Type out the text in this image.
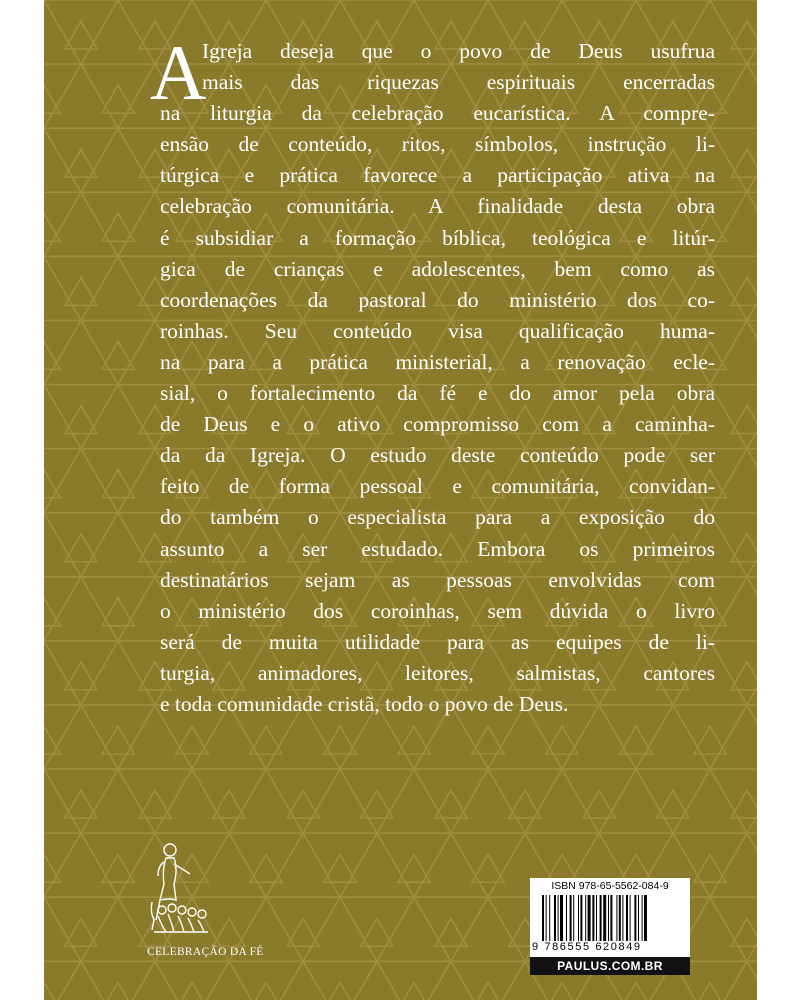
A
Igreja deseja que o povo de Deus usufrua
mais das riquezas espirituais encerradas
na liturgia da celebração eucarística. A compre-
ensão de conteúdo, ritos, símbolos, instrução li-
túrgica e prática favorece a participação ativa na
celebração comunitária. A finalidade desta obra
é subsidiar a formação bíblica, teológica e litúr-
gica de crianças e adolescentes, bem como as
coordenações da pastoral do ministério dos co-
roinhas. Seu conteúdo visa qualificação huma-
na para a prática ministerial, a renovação ecle-
sial, o fortalecimento da fé e do amor pela obra
de Deus e o ativo compromisso com a caminha-
da da Igreja. O estudo deste conteúdo pode ser
feito de forma pessoal e comunitária, convidan-
do também o especialista para a exposição do
assunto a ser estudado. Embora os primeiros
destinatários sejam as pessoas envolvidas com
o ministério dos coroinhas, sem dúvida o livro
será de muita utilidade para as equipes de li-
turgia, animadores, leitores, salmistas, cantores
e toda comunidade cristã, todo o povo de Deus.
CELEBRAÇÃO DA FÉ
ISBN 978-65-5562-084-9
9 786555 620849
PAULUS.COM.BR
